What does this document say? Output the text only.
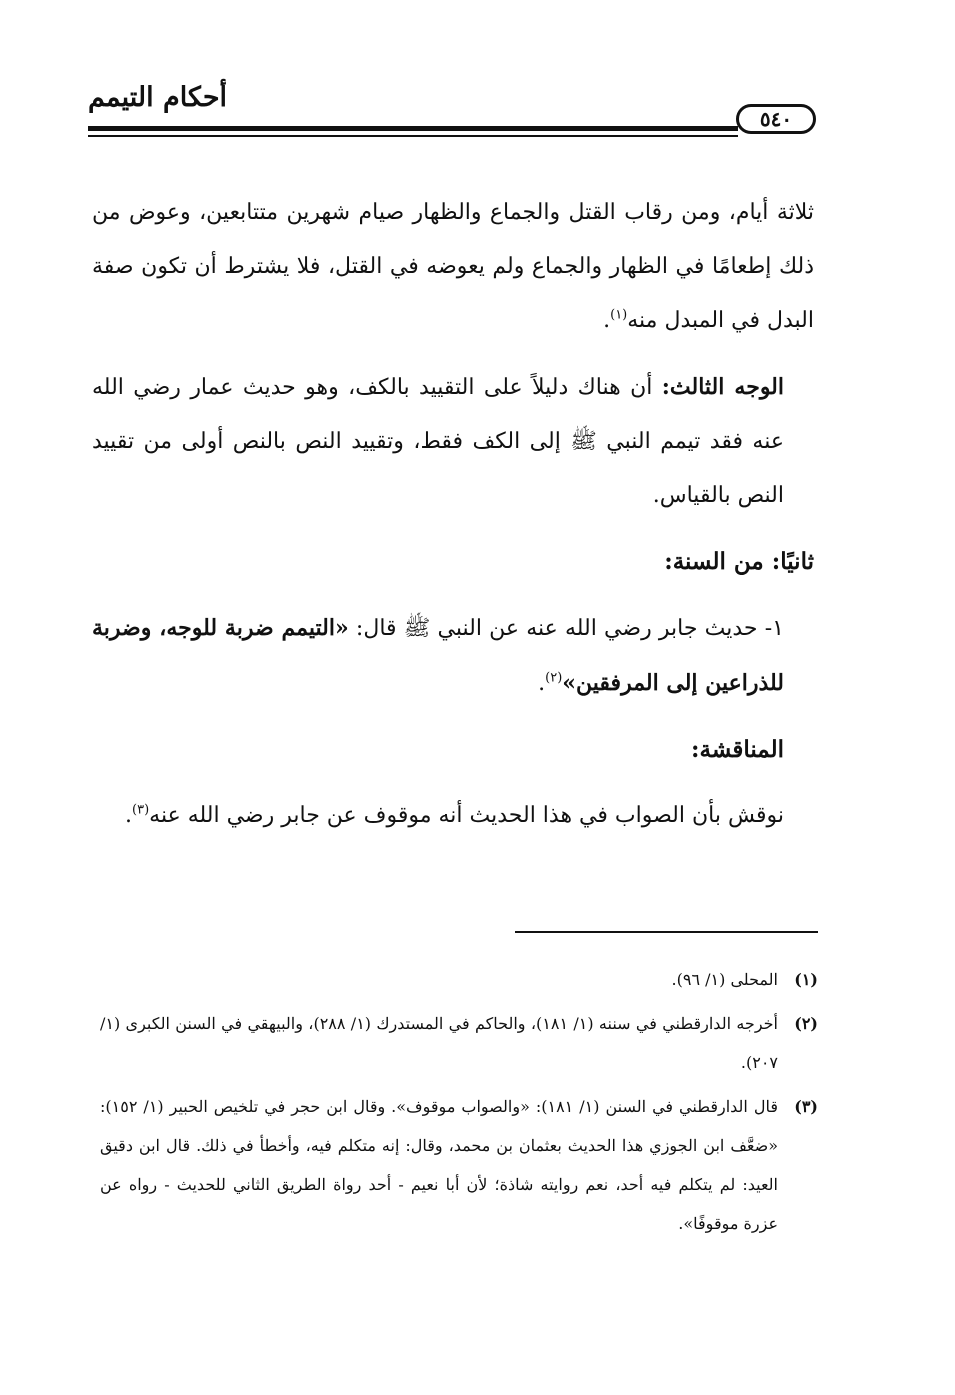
أحكام التيمم
٥٤٠

ثلاثة أيام، ومن رقاب القتل والجماع والظهار صيام شهرين متتابعين، وعوض من ذلك إطعامًا في الظهار والجماع ولم يعوضه في القتل، فلا يشترط أن تكون صفة البدل في المبدل منه$^{(١)}$.

الوجه الثالث: أن هناك دليلاً على التقييد بالكف، وهو حديث عمار رضي الله عنه فقد تيمم النبي ﷺ إلى الكف فقط، وتقييد النص بالنص أولى من تقييد النص بالقياس.

ثانيًا: من السنة:

١- حديث جابر رضي الله عنه عن النبي ﷺ قال: «التيمم ضربة للوجه، وضربة للذراعين إلى المرفقين»$^{(٢)}$.

المناقشة:

نوقش بأن الصواب في هذا الحديث أنه موقوف عن جابر رضي الله عنه$^{(٣)}$.

(١)
المحلى (١/ ٩٦).
(٢)
أخرجه الدارقطني في سننه (١/ ١٨١)، والحاكم في المستدرك (١/ ٢٨٨)، والبيهقي في السنن الكبرى (١/ ٢٠٧).
(٣)
قال الدارقطني في السنن (١/ ١٨١): «والصواب موقوف». وقال ابن حجر في تلخيص الحبير (١/ ١٥٢): «ضعَّف ابن الجوزي هذا الحديث بعثمان بن محمد، وقال: إنه متكلم فيه، وأخطأ في ذلك. قال ابن دقيق العيد: لم يتكلم فيه أحد، نعم روايته شاذة؛ لأن أبا نعيم - أحد رواة الطريق الثاني للحديث - رواه عن عزرة موقوفًا».
